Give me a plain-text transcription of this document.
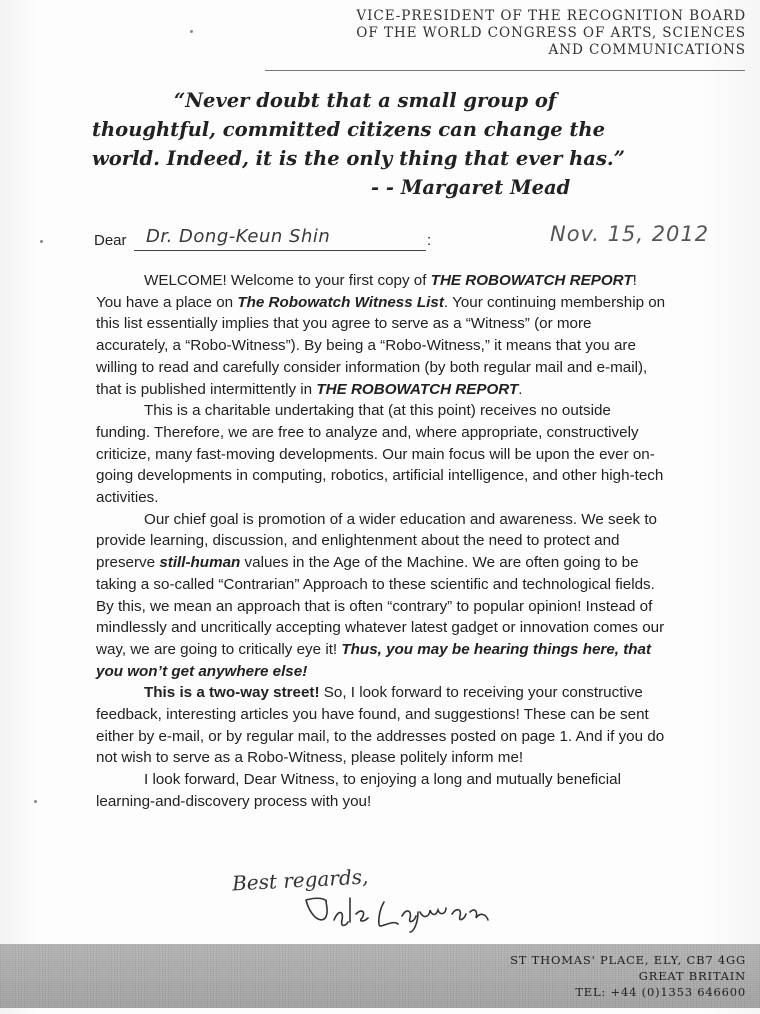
VICE-PRESIDENT OF THE RECOGNITION BOARD
OF THE WORLD CONGRESS OF ARTS, SCIENCES
AND COMMUNICATIONS
“Never doubt that a small group of
thoughtful, committed citizens can change the
world. Indeed, it is the only thing that ever has.”
- - Margaret Mead
Dear Dr. Dong-Keun Shin	:	Nov. 15, 2012

WELCOME! Welcome to your first copy of THE ROBOWATCH REPORT! You have a place on The Robowatch Witness List. Your continuing membership on this list essentially implies that you agree to serve as a “Witness” (or more accurately, a “Robo-Witness”). By being a “Robo-Witness,” it means that you are willing to read and carefully consider information (by both regular mail and e-mail), that is published intermittently in THE ROBOWATCH REPORT.

This is a charitable undertaking that (at this point) receives no outside funding. Therefore, we are free to analyze and, where appropriate, constructively criticize, many fast-moving developments. Our main focus will be upon the ever on-going developments in computing, robotics, artificial intelligence, and other high-tech activities.

Our chief goal is promotion of a wider education and awareness. We seek to provide learning, discussion, and enlightenment about the need to protect and preserve still-human values in the Age of the Machine. We are often going to be taking a so-called “Contrarian” Approach to these scientific and technological fields. By this, we mean an approach that is often “contrary” to popular opinion! Instead of mindlessly and uncritically accepting whatever latest gadget or innovation comes our way, we are going to critically eye it! Thus, you may be hearing things here, that you won’t get anywhere else!

This is a two-way street! So, I look forward to receiving your constructive feedback, interesting articles you have found, and suggestions! These can be sent either by e-mail, or by regular mail, to the addresses posted on page 1. And if you do not wish to serve as a Robo-Witness, please politely inform me!

I look forward, Dear Witness, to enjoying a long and mutually beneficial learning-and-discovery process with you!

Best regards,
ST THOMAS' PLACE, ELY, CB7 4GG
GREAT BRITAIN
TEL: +44 (0)1353 646600
